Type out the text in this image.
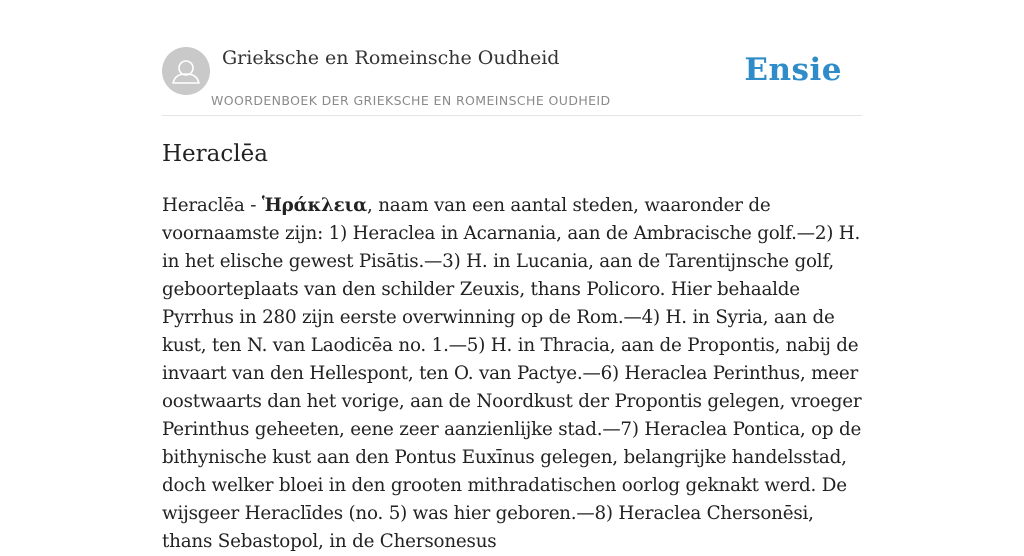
Grieksche en Romeinsche Oudheid
WOORDENBOEK DER GRIEKSCHE EN ROMEINSCHE OUDHEID
Ensie
Heraclēa

Heraclēa - Ἡράκλεια, naam van een aantal steden, waaronder de voornaamste zijn: 1) Heraclea in Acarnania, aan de Ambracische golf.—2) H. in het elische gewest Pisātis.—3) H. in Lucania, aan de Tarentijnsche golf, geboorteplaats van den schilder Zeuxis, thans Policoro. Hier behaalde Pyrrhus in 280 zijn eerste overwinning op de Rom.—4) H. in Syria, aan de kust, ten N. van Laodicēa no. 1.—5) H. in Thracia, aan de Propontis, nabij de invaart van den Hellespont, ten O. van Pactye.—6) Heraclea Perinthus, meer oostwaarts dan het vorige, aan de Noordkust der Propontis gelegen, vroeger Perinthus geheeten, eene zeer aanzienlijke stad.—7) Heraclea Pontica, op de bithynische kust aan den Pontus Euxīnus gelegen, belangrijke handelsstad, doch welker bloei in den grooten mithradatischen oorlog geknakt werd. De wijsgeer Heraclīdes (no. 5) was hier geboren.—8) Heraclea Chersonēsi, thans Sebastopol, in de Chersonesus
